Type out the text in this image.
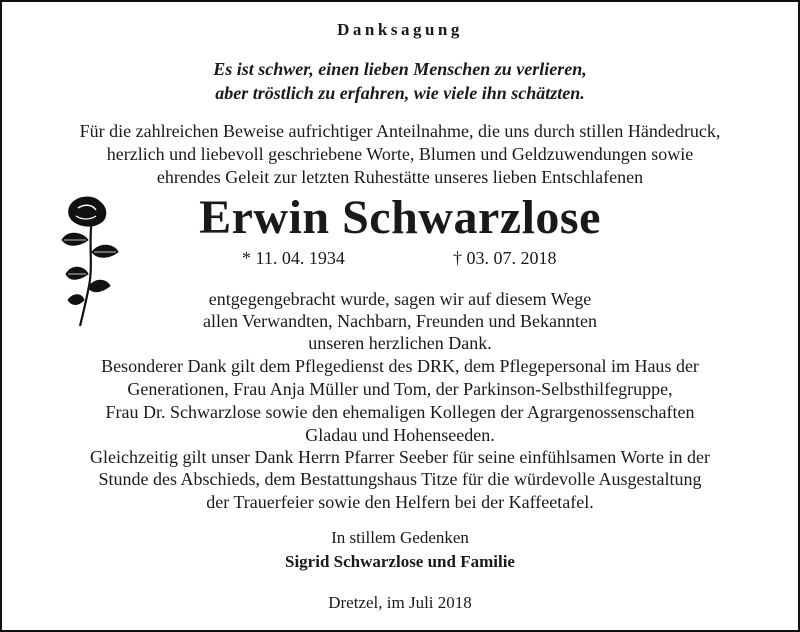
Danksagung
Es ist schwer, einen lieben Menschen zu verlieren,
aber tröstlich zu erfahren, wie viele ihn schätzten.
Für die zahlreichen Beweise aufrichtiger Anteilnahme, die uns durch stillen Händedruck,
herzlich und liebevoll geschriebene Worte, Blumen und Geldzuwendungen sowie
ehrendes Geleit zur letzten Ruhestätte unseres lieben Entschlafenen
Erwin Schwarzlose
* 11. 04. 1934	† 03. 07. 2018
entgegengebracht wurde, sagen wir auf diesem Wege
allen Verwandten, Nachbarn, Freunden und Bekannten
unseren herzlichen Dank.
Besonderer Dank gilt dem Pflegedienst des DRK, dem Pflegepersonal im Haus der
Generationen, Frau Anja Müller und Tom, der Parkinson-Selbsthilfegruppe,
Frau Dr. Schwarzlose sowie den ehemaligen Kollegen der Agrargenossenschaften
Gladau und Hohenseeden.
Gleichzeitig gilt unser Dank Herrn Pfarrer Seeber für seine einfühlsamen Worte in der
Stunde des Abschieds, dem Bestattungshaus Titze für die würdevolle Ausgestaltung
der Trauerfeier sowie den Helfern bei der Kaffeetafel.
In stillem Gedenken
Sigrid Schwarzlose und Familie
Dretzel, im Juli 2018
